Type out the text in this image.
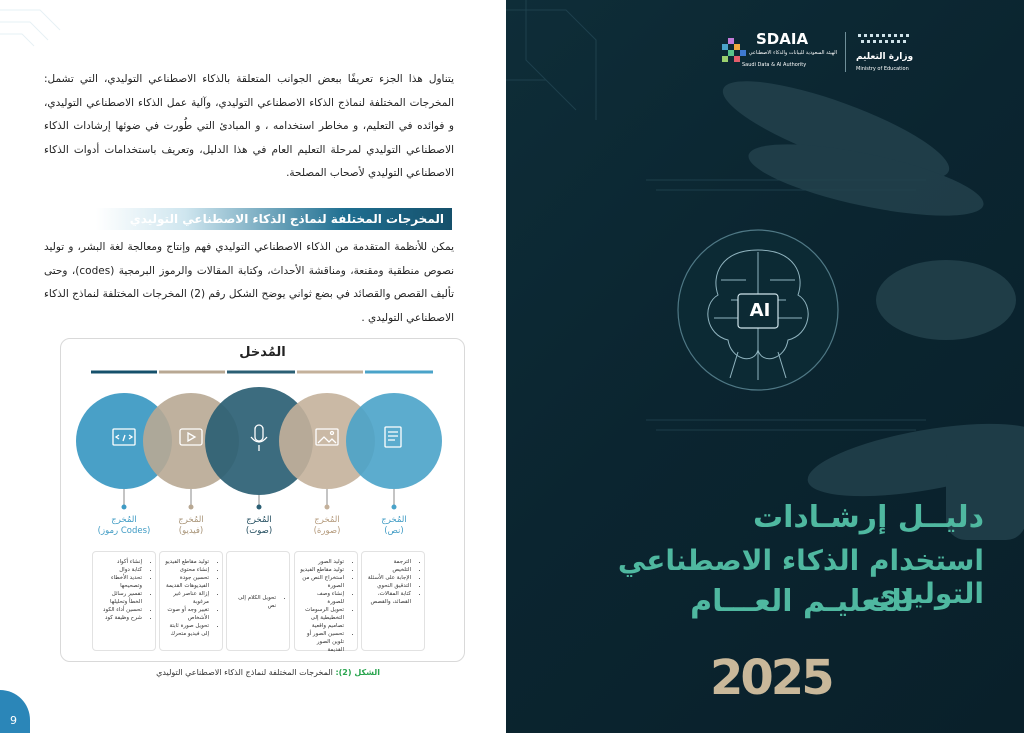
يتناول هذا الجزء تعريفًا ببعض الجوانب المتعلقة بالذكاء الاصطناعي التوليدي، التي تشمل: المخرجات المختلفة لنماذج الذكاء الاصطناعي التوليدي، وآلية عمل الذكاء الاصطناعي التوليدي، و فوائده في التعليم، و مخاطر استخدامه ، و المبادئ التي طُورت في ضوئها إرشادات الذكاء الاصطناعي التوليدي لمرحلة التعليم العام في هذا الدليل، وتعريف باستخدامات أدوات الذكاء الاصطناعي التوليدي لأصحاب المصلحة.

المخرجات المختلفة لنماذج الذكاء الاصطناعي التوليدي

يمكن للأنظمة المتقدمة من الذكاء الاصطناعي التوليدي فهم وإنتاج ومعالجة لغة البشر، و توليد نصوص منطقية ومقنعة، ومناقشة الأحداث، وكتابة المقالات والرموز البرمجية (codes)، وحتى تأليف القصص والقصائد في بضع ثواني يوضح الشكل رقم (2) المخرجات المختلفة لنماذج الذكاء الاصطناعي التوليدي .

المُدخل
المُخرج
(رموز Codes)
المُخرج
(فيديو)
المُخرج
(صوت)
المُخرج
(صورة)
المُخرج
(نص)
• إنشاء أكواد
• كتابة دوال
• تحديد الأخطاء وتصحيحها
• تفسير رسائل الخطأ وتحليلها
• تحسين أداء الكود
• شرح وظيفة كود
• توليد مقاطع الفيديو
• إنشاء محتوى
• تحسين جودة الفيديوهات القديمة
• إزالة عناصر غير مرغوبة
• تغيير وجه أو صوت الأشخاص
• تحويل صورة ثابتة إلى فيديو متحرك
• تحويل الكلام إلى نص
• توليد الصور
• توليد مقاطع الفيديو
• استخراج النص من الصورة
• إنشاء وصف للصورة
• تحويل الرسومات التخطيطية إلى تصاميم واقعية
• تحسين الصور أو تلوين الصور القديمة
• الترجمة
• التلخيص
• الإجابة على الأسئلة
• التدقيق النحوي
• كتابة المقالات، القصائد، والقصص
الشكل (2): المخرجات المختلفة لنماذج الذكاء الاصطناعي التوليدي
9
AI
SDAIA
الهيئة السعودية للبيانات والذكاء الاصطناعي
Saudi Data & AI Authority
وزارة التعليم
Ministry of Education
دليــل إرشـادات
استخدام الذكاء الاصطناعي التوليدي
للتعليـم العـــام
2025
